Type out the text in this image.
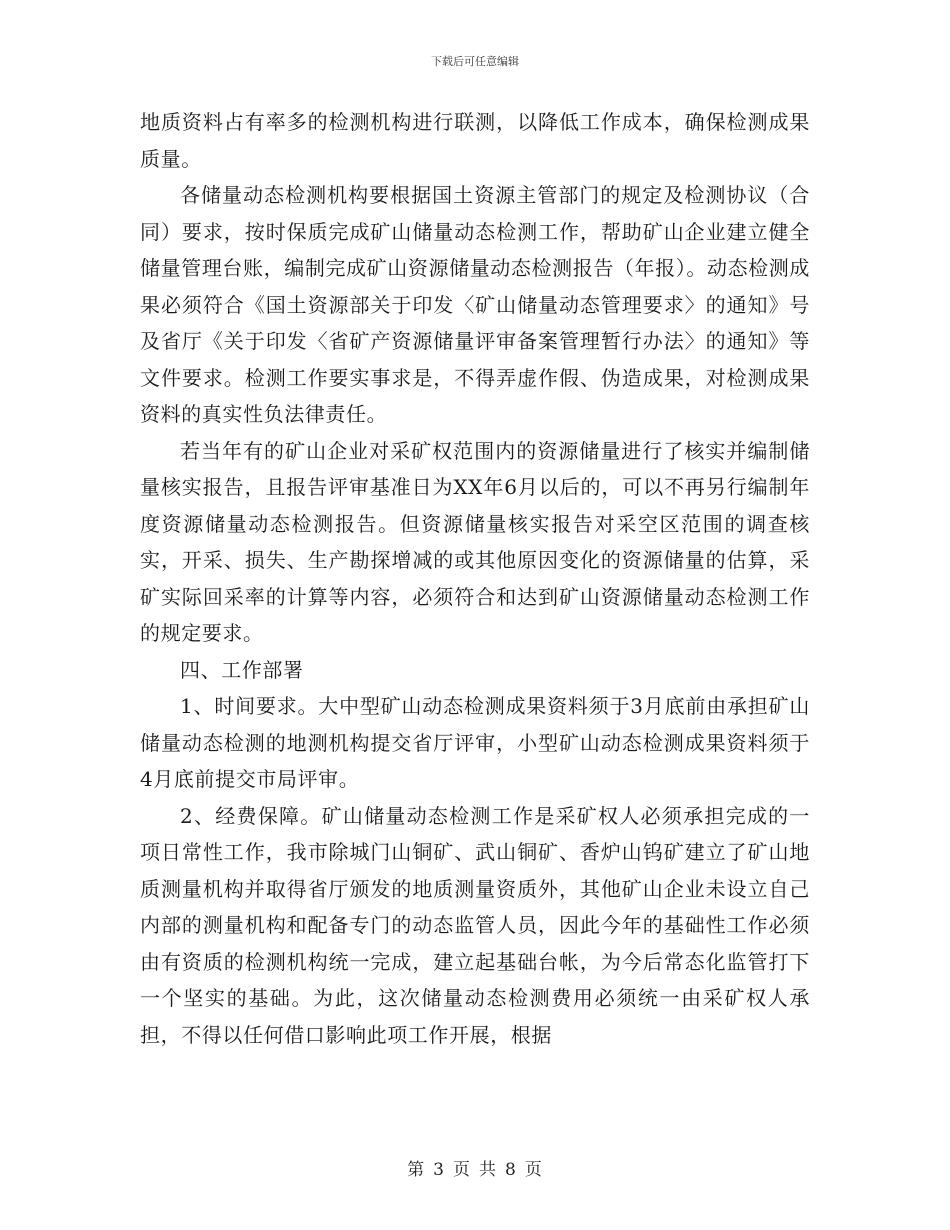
下载后可任意编辑

地质资料占有率多的检测机构进行联测，以降低工作成本，确保检测成果质量。

各储量动态检测机构要根据国土资源主管部门的规定及检测协议（合同）要求，按时保质完成矿山储量动态检测工作，帮助矿山企业建立健全储量管理台账，编制完成矿山资源储量动态检测报告（年报）。动态检测成果必须符合《国土资源部关于印发〈矿山储量动态管理要求〉的通知》号及省厅《关于印发〈省矿产资源储量评审备案管理暂行办法〉的通知》等文件要求。检测工作要实事求是，不得弄虚作假、伪造成果，对检测成果资料的真实性负法律责任。

若当年有的矿山企业对采矿权范围内的资源储量进行了核实并编制储量核实报告，且报告评审基准日为XX年6月以后的，可以不再另行编制年度资源储量动态检测报告。但资源储量核实报告对采空区范围的调查核实，开采、损失、生产勘探增减的或其他原因变化的资源储量的估算，采矿实际回采率的计算等内容，必须符合和达到矿山资源储量动态检测工作的规定要求。

四、工作部署

1、时间要求。大中型矿山动态检测成果资料须于3月底前由承担矿山储量动态检测的地测机构提交省厅评审，小型矿山动态检测成果资料须于4月底前提交市局评审。

2、经费保障。矿山储量动态检测工作是采矿权人必须承担完成的一项日常性工作，我市除城门山铜矿、武山铜矿、香炉山钨矿建立了矿山地质测量机构并取得省厅颁发的地质测量资质外，其他矿山企业未设立自己内部的测量机构和配备专门的动态监管人员，因此今年的基础性工作必须由有资质的检测机构统一完成，建立起基础台帐，为今后常态化监管打下一个坚实的基础。为此，这次储量动态检测费用必须统一由采矿权人承担，不得以任何借口影响此项工作开展，根据

第 3 页 共 8 页
